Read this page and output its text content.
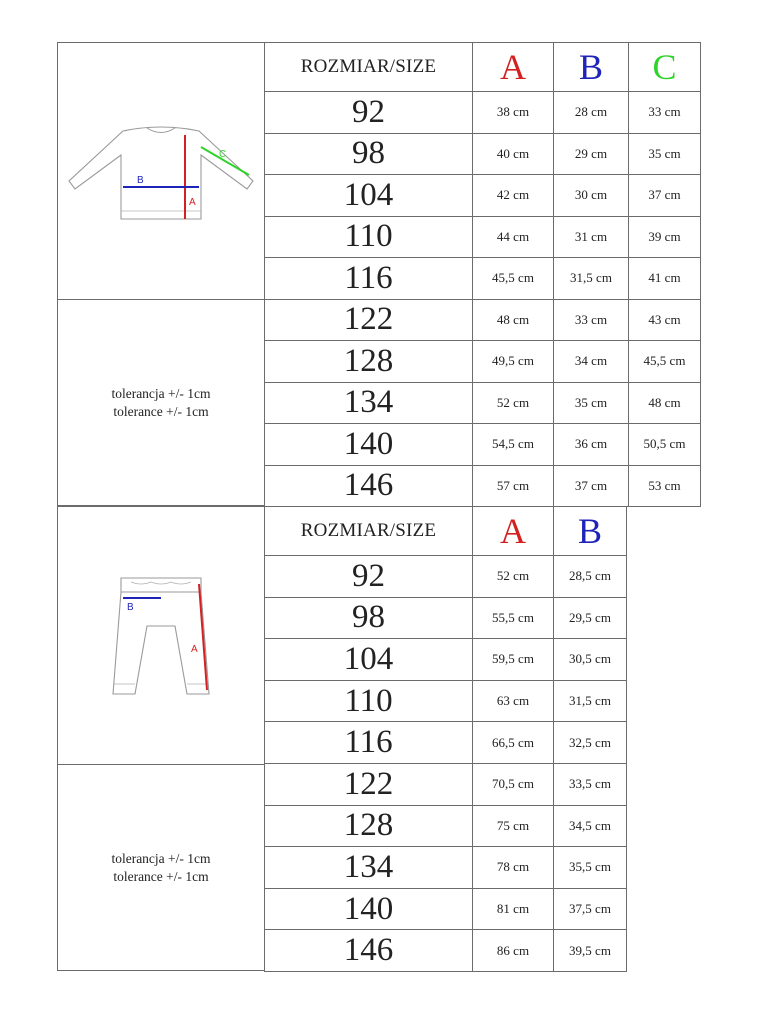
A
B
C
tolerancja +/- 1cm
tolerance +/- 1cm
ROZMIAR/SIZE	A B C
92	38 cm	28 cm	33 cm
98	40 cm	29 cm	35 cm
104	42 cm	30 cm	37 cm
110	44 cm	31 cm	39 cm
116	45,5 cm	31,5 cm	41 cm
122	48 cm	33 cm	43 cm
128	49,5 cm	34 cm	45,5 cm
134	52 cm	35 cm	48 cm
140	54,5 cm	36 cm	50,5 cm
146	57 cm	37 cm	53 cm
B
A
tolerancja +/- 1cm
tolerance +/- 1cm
ROZMIAR/SIZE	A B
92	52 cm	28,5 cm
98	55,5 cm	29,5 cm
104	59,5 cm	30,5 cm
110	63 cm	31,5 cm
116	66,5 cm	32,5 cm
122	70,5 cm	33,5 cm
128	75 cm	34,5 cm
134	78 cm	35,5 cm
140	81 cm	37,5 cm
146	86 cm	39,5 cm
